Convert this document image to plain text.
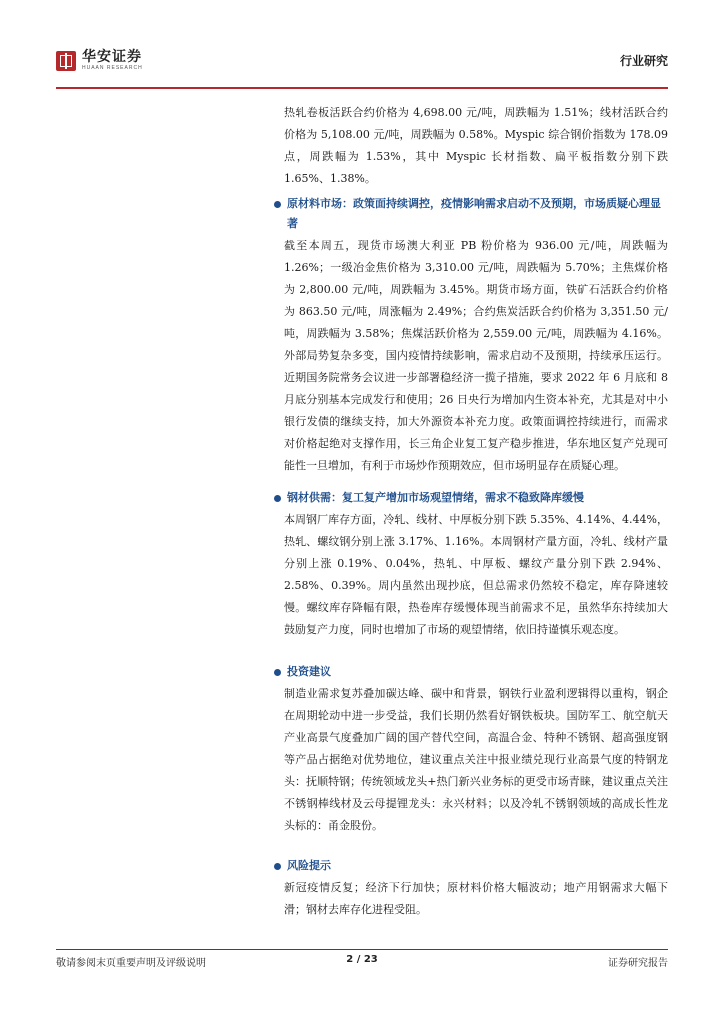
华安证券
HUAAN RESEARCH	行业研究

热轧卷板活跃合约价格为 4,698.00 元/吨，周跌幅为 1.51%；线材活跃合约价格为 5,108.00 元/吨，周跌幅为 0.58%。Myspic 综合钢价指数为 178.09 点，周跌幅为 1.53%，其中 Myspic 长材指数、扁平板指数分别下跌 1.65%、1.38%。

原材料市场：政策面持续调控，疫情影响需求启动不及预期，市场质疑心理显著

截至本周五，现货市场澳大利亚 PB 粉价格为 936.00 元/吨，周跌幅为 1.26%；一级冶金焦价格为 3,310.00 元/吨，周跌幅为 5.70%；主焦煤价格为 2,800.00 元/吨，周跌幅为 3.45%。期货市场方面，铁矿石活跃合约价格为 863.50 元/吨，周涨幅为 2.49%；合约焦炭活跃合约价格为 3,351.50 元/吨，周跌幅为 3.58%；焦煤活跃价格为 2,559.00 元/吨，周跌幅为 4.16%。外部局势复杂多变，国内疫情持续影响，需求启动不及预期，持续承压运行。近期国务院常务会议进一步部署稳经济一揽子措施，要求 2022 年 6 月底和 8 月底分别基本完成发行和使用；26 日央行为增加内生资本补充，尤其是对中小银行发债的继续支持，加大外源资本补充力度。政策面调控持续进行，而需求对价格起绝对支撑作用，长三角企业复工复产稳步推进，华东地区复产兑现可能性一旦增加，有利于市场炒作预期效应，但市场明显存在质疑心理。

钢材供需：复工复产增加市场观望情绪，需求不稳致降库缓慢

本周钢厂库存方面，冷轧、线材、中厚板分别下跌 5.35%、4.14%、4.44%，热轧、螺纹钢分别上涨 3.17%、1.16%。本周钢材产量方面，冷轧、线材产量分别上涨 0.19%、0.04%，热轧、中厚板、螺纹产量分别下跌 2.94%、2.58%、0.39%。周内虽然出现抄底，但总需求仍然较不稳定，库存降速较慢。螺纹库存降幅有限，热卷库存缓慢体现当前需求不足，虽然华东持续加大鼓励复产力度，同时也增加了市场的观望情绪，依旧持谨慎乐观态度。

投资建议

制造业需求复苏叠加碳达峰、碳中和背景，钢铁行业盈利逻辑得以重构，钢企在周期轮动中进一步受益，我们长期仍然看好钢铁板块。国防军工、航空航天产业高景气度叠加广阔的国产替代空间，高温合金、特种不锈钢、超高强度钢等产品占据绝对优势地位，建议重点关注中报业绩兑现行业高景气度的特钢龙头：抚顺特钢；传统领域龙头+热门新兴业务标的更受市场青睐，建议重点关注不锈钢棒线材及云母提锂龙头：永兴材料；以及冷轧不锈钢领域的高成长性龙头标的：甬金股份。

风险提示

新冠疫情反复；经济下行加快；原材料价格大幅波动；地产用钢需求大幅下滑；钢材去库存化进程受阻。

敬请参阅末页重要声明及评级说明	2 / 23	证券研究报告
